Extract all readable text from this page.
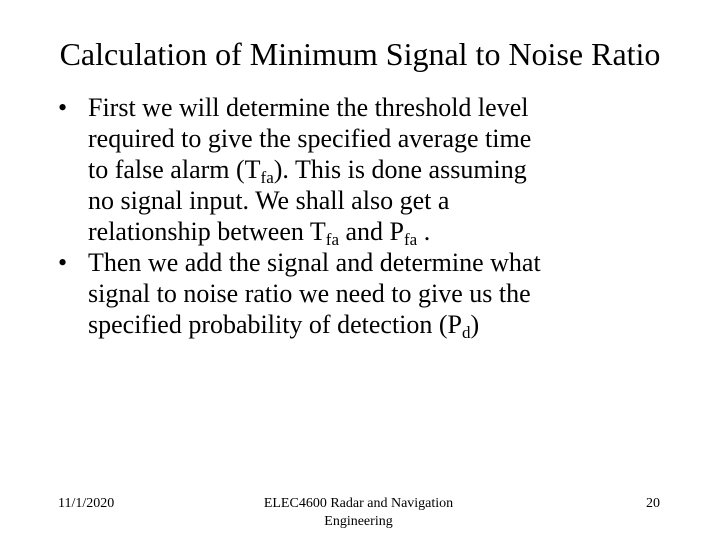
Calculation of Minimum Signal to Noise Ratio
• First we will determine the threshold level
required to give the specified average time
to false alarm $(T_{fa})$. This is done assuming
no signal input. We shall also get a
relationship between $T_{fa}$ and $P_{fa}$ .
• Then we add the signal and determine what
signal to noise ratio we need to give us the
specified probability of detection $(P_d)$
11/1/2020	ELEC4600 Radar and Navigation
Engineering
20
